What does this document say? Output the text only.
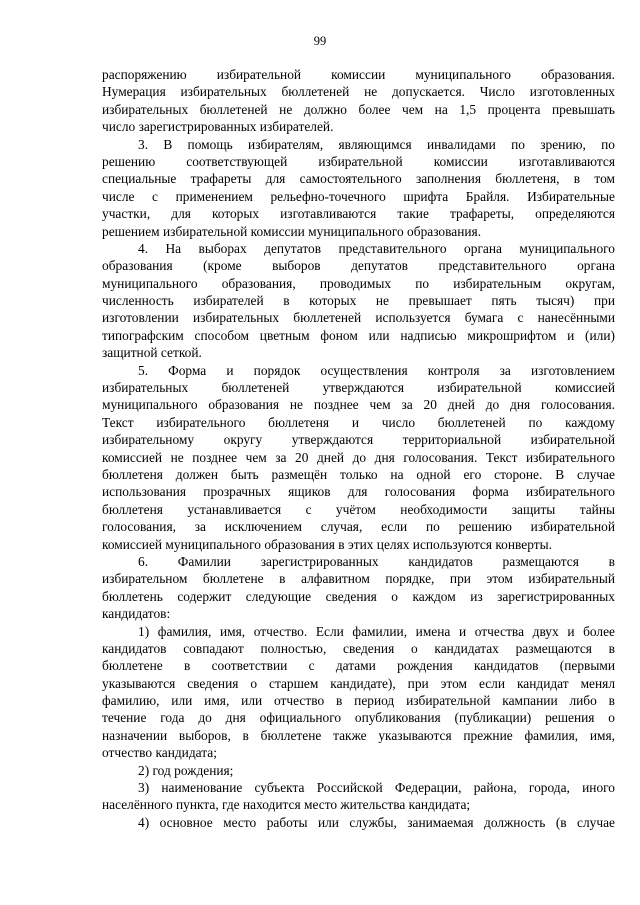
99
распоряжению избирательной комиссии муниципального образования.
Нумерация избирательных бюллетеней не допускается. Число изготовленных
избирательных бюллетеней не должно более чем на 1,5 процента превышать
число зарегистрированных избирателей.
3. В помощь избирателям, являющимся инвалидами по зрению, по
решению соответствующей избирательной комиссии изготавливаются
специальные трафареты для самостоятельного заполнения бюллетеня, в том
числе с применением рельефно-точечного шрифта Брайля. Избирательные
участки, для которых изготавливаются такие трафареты, определяются
решением избирательной комиссии муниципального образования.
4. На выборах депутатов представительного органа муниципального
образования (кроме выборов депутатов представительного органа
муниципального образования, проводимых по избирательным округам,
численность избирателей в которых не превышает пять тысяч) при
изготовлении избирательных бюллетеней используется бумага с нанесёнными
типографским способом цветным фоном или надписью микрошрифтом и (или)
защитной сеткой.
5. Форма и порядок осуществления контроля за изготовлением
избирательных бюллетеней утверждаются избирательной комиссией
муниципального образования не позднее чем за 20 дней до дня голосования.
Текст избирательного бюллетеня и число бюллетеней по каждому
избирательному округу утверждаются территориальной избирательной
комиссией не позднее чем за 20 дней до дня голосования. Текст избирательного
бюллетеня должен быть размещён только на одной его стороне. В случае
использования прозрачных ящиков для голосования форма избирательного
бюллетеня устанавливается с учётом необходимости защиты тайны
голосования, за исключением случая, если по решению избирательной
комиссией муниципального образования в этих целях используются конверты.
6. Фамилии зарегистрированных кандидатов размещаются в
избирательном бюллетене в алфавитном порядке, при этом избирательный
бюллетень содержит следующие сведения о каждом из зарегистрированных
кандидатов:
1) фамилия, имя, отчество. Если фамилии, имена и отчества двух и более
кандидатов совпадают полностью, сведения о кандидатах размещаются в
бюллетене в соответствии с датами рождения кандидатов (первыми
указываются сведения о старшем кандидате), при этом если кандидат менял
фамилию, или имя, или отчество в период избирательной кампании либо в
течение года до дня официального опубликования (публикации) решения о
назначении выборов, в бюллетене также указываются прежние фамилия, имя,
отчество кандидата;
2) год рождения;
3) наименование субъекта Российской Федерации, района, города, иного
населённого пункта, где находится место жительства кандидата;
4) основное место работы или службы, занимаемая должность (в случае
